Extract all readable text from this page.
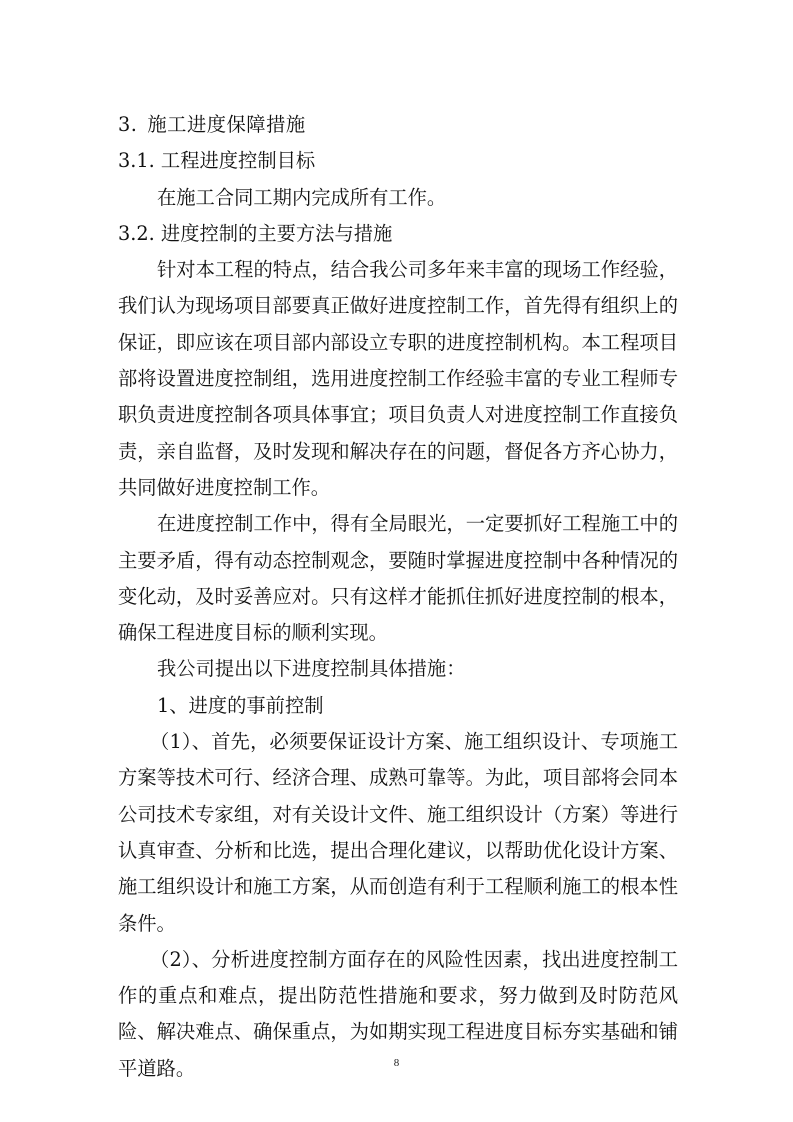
3. 施工进度保障措施

3.1. 工程进度控制目标

在施工合同工期内完成所有工作。

3.2. 进度控制的主要方法与措施

针对本工程的特点，结合我公司多年来丰富的现场工作经验，我们认为现场项目部要真正做好进度控制工作，首先得有组织上的保证，即应该在项目部内部设立专职的进度控制机构。本工程项目部将设置进度控制组，选用进度控制工作经验丰富的专业工程师专职负责进度控制各项具体事宜；项目负责人对进度控制工作直接负责，亲自监督，及时发现和解决存在的问题，督促各方齐心协力，共同做好进度控制工作。

在进度控制工作中，得有全局眼光，一定要抓好工程施工中的主要矛盾，得有动态控制观念，要随时掌握进度控制中各种情况的变化动，及时妥善应对。只有这样才能抓住抓好进度控制的根本，确保工程进度目标的顺利实现。

我公司提出以下进度控制具体措施：

1、进度的事前控制

（1）、首先，必须要保证设计方案、施工组织设计、专项施工方案等技术可行、经济合理、成熟可靠等。为此，项目部将会同本公司技术专家组，对有关设计文件、施工组织设计（方案）等进行认真审查、分析和比选，提出合理化建议，以帮助优化设计方案、施工组织设计和施工方案，从而创造有利于工程顺利施工的根本性条件。

（2）、分析进度控制方面存在的风险性因素，找出进度控制工作的重点和难点，提出防范性措施和要求，努力做到及时防范风险、解决难点、确保重点，为如期实现工程进度目标夯实基础和铺平道路。	8
